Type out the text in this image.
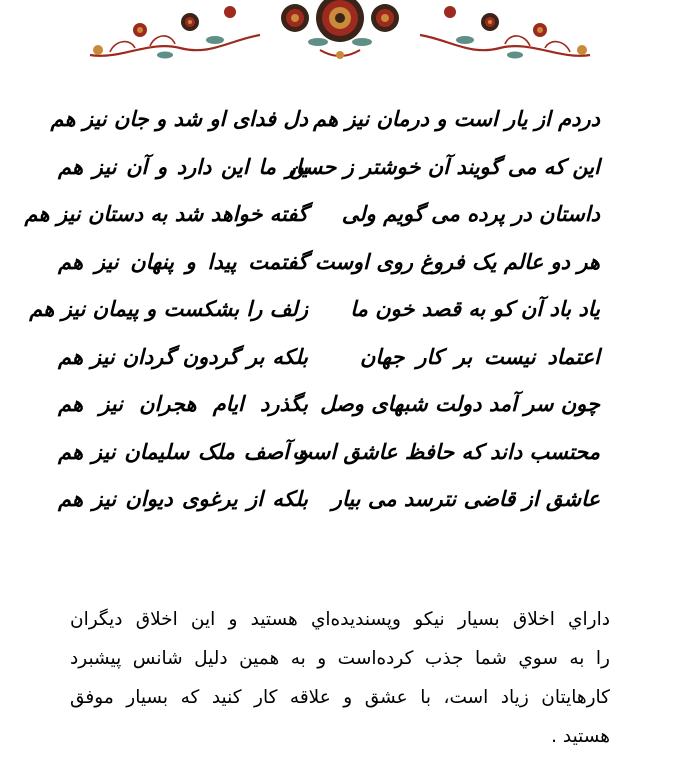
دردم از یار است و درمان نیز هم
این که می گویند آن خوشتر ز حسن
داستان در پرده می گویم ولی
هر دو عالم یک فروغ روی اوست
یاد باد آن کو به قصد خون ما
اعتماد نیست بر کار جهان
چون سر آمد دولت شبهای وصل
محتسب داند که حافظ عاشق است
عاشق از قاضی نترسد می بیار
دل فدای او شد و جان نیز هم
یار ما این دارد و آن نیز هم
گفته خواهد شد به دستان نیز هم
گفتمت پیدا و پنهان نیز هم
زلف را بشکست و پیمان نیز هم
بلکه بر گردون گردان نیز هم
بگذرد ایام هجران نیز هم
و آصف ملک سلیمان نیز هم
بلکه از یرغوی دیوان نیز هم
داراي اخلاق بسيار نيكو وپسنديده‌اي هستيد و اين اخلاق ديگران
را به سوي شما جذب كرده‌است و به همين دليل شانس پيشبرد
كارهايتان زياد است، با عشق و علاقه كار كنيد كه بسيار موفق
هستيد .
